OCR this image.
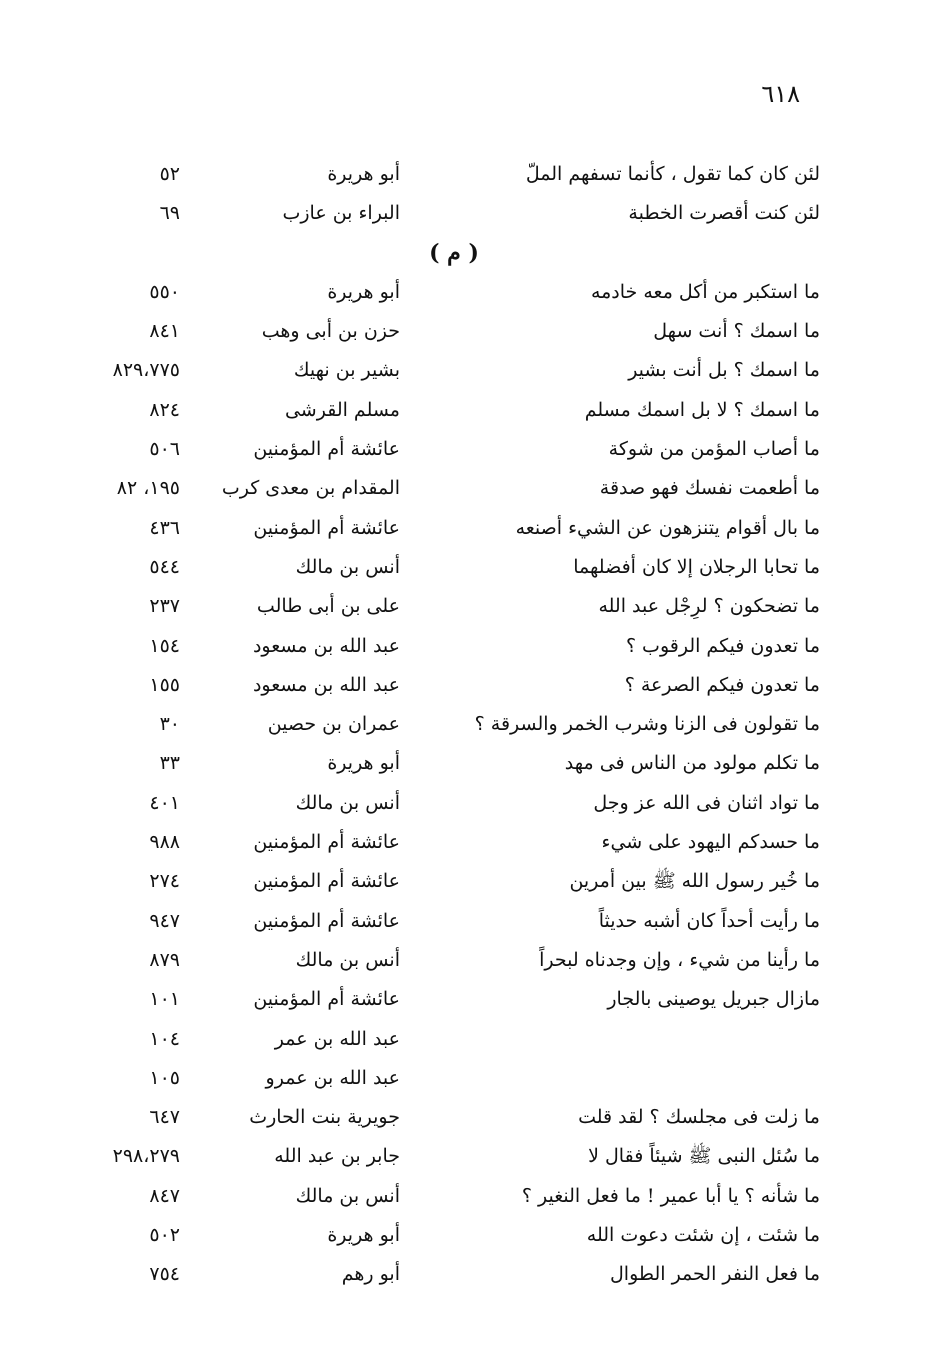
٦١٨
لئن كان كما تقول ، كأنما تسفهم الملّ
أبو هريرة
٥٢
لئن كنت أقصرت الخطبة
البراء بن عازب
٦٩
( م )
ما استكبر من أكل معه خادمه
أبو هريرة
٥٥٠
ما اسمك ؟ أنت سهل
حزن بن أبى وهب
٨٤١
ما اسمك ؟ بل أنت بشير
بشير بن نهيك
٨٢٩،٧٧٥
ما اسمك ؟ لا بل اسمك مسلم
مسلم القرشى
٨٢٤
ما أصاب المؤمن من شوكة
عائشة أم المؤمنين
٥٠٦
ما أطعمت نفسك فهو صدقة
المقدام بن معدى كرب
١٩٥، ٨٢
ما بال أقوام يتنزهون عن الشيء أصنعه
عائشة أم المؤمنين
٤٣٦
ما تحابا الرجلان إلا كان أفضلهما
أنس بن مالك
٥٤٤
ما تضحكون ؟ لرِجْل عبد الله
على بن أبى طالب
٢٣٧
ما تعدون فيكم الرقوب ؟
عبد الله بن مسعود
١٥٤
ما تعدون فيكم الصرعة ؟
عبد الله بن مسعود
١٥٥
ما تقولون فى الزنا وشرب الخمر والسرقة ؟
عمران بن حصين
٣٠
ما تكلم مولود من الناس فى مهد
أبو هريرة
٣٣
ما تواد اثنان فى الله عز وجل
أنس بن مالك
٤٠١
ما حسدكم اليهود على شيء
عائشة أم المؤمنين
٩٨٨
ما خُير رسول الله ﷺ بين أمرين
عائشة أم المؤمنين
٢٧٤
ما رأيت أحداً كان أشبه حديثاً
عائشة أم المؤمنين
٩٤٧
ما رأينا من شيء ، وإن وجدناه لبحراً
أنس بن مالك
٨٧٩
مازال جبريل يوصينى بالجار
عائشة أم المؤمنين
١٠١
عبد الله بن عمر
١٠٤
عبد الله بن عمرو
١٠٥
ما زلت فى مجلسك ؟ لقد قلت
جويرية بنت الحارث
٦٤٧
ما سُئل النبى ﷺ شيئاً فقال لا
جابر بن عبد الله
٢٩٨،٢٧٩
ما شأنه ؟ يا أبا عمير ! ما فعل النغير ؟
أنس بن مالك
٨٤٧
ما شئت ، إن شئت دعوت الله
أبو هريرة
٥٠٢
ما فعل النفر الحمر الطوال
أبو رهم
٧٥٤
